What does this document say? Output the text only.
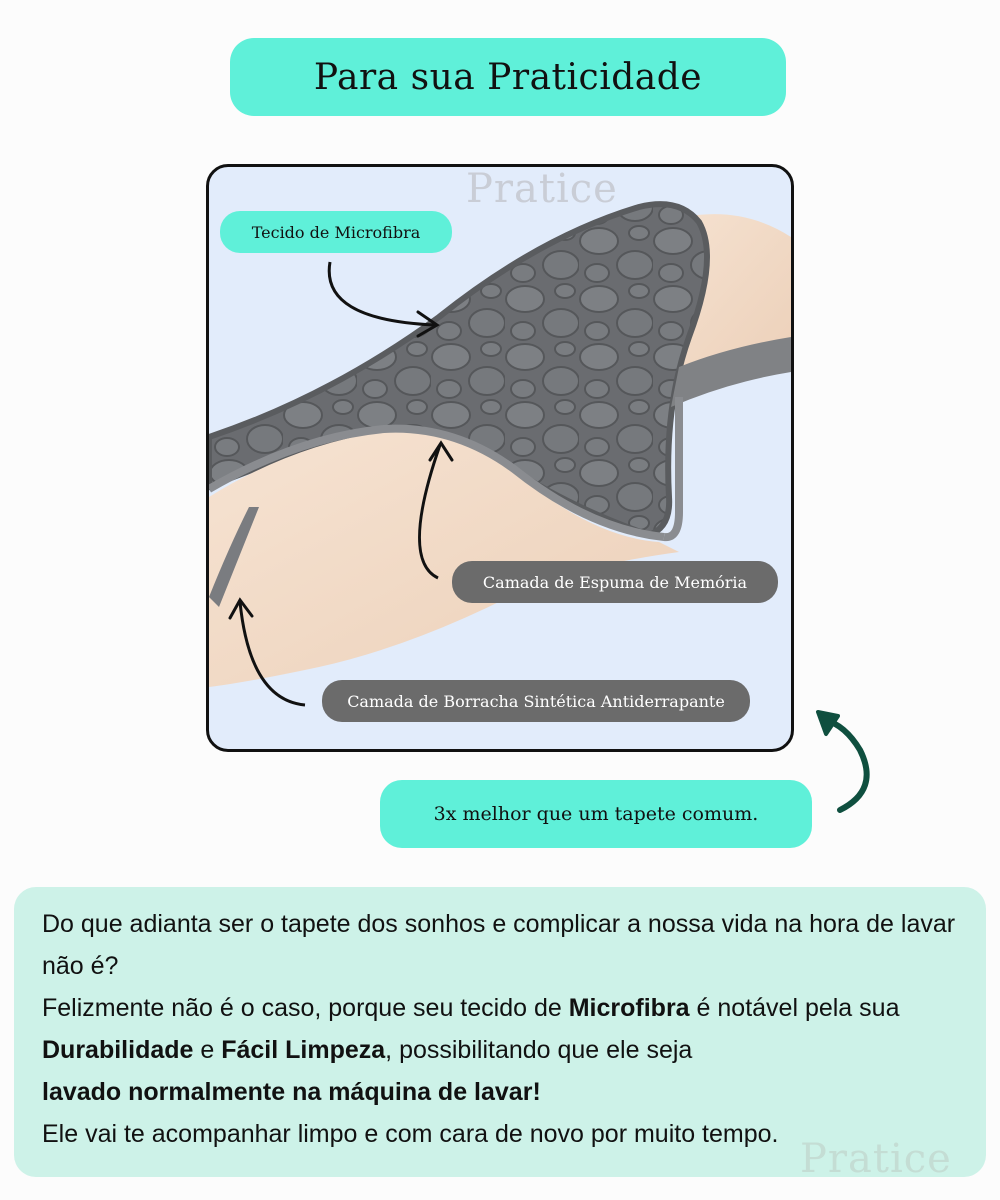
Para sua Praticidade
Pratice
Tecido de Microfibra
Camada de Espuma de Memória
Camada de Borracha Sintética Antiderrapante
3x melhor que um tapete comum.

Do que adianta ser o tapete dos sonhos e complicar a nossa vida na hora de lavar não é?

Felizmente não é o caso, porque seu tecido de Microfibra é notável pela sua Durabilidade e Fácil Limpeza, possibilitando que ele seja
lavado normalmente na máquina de lavar!

Ele vai te acompanhar limpo e com cara de novo por muito tempo.

Pratice
